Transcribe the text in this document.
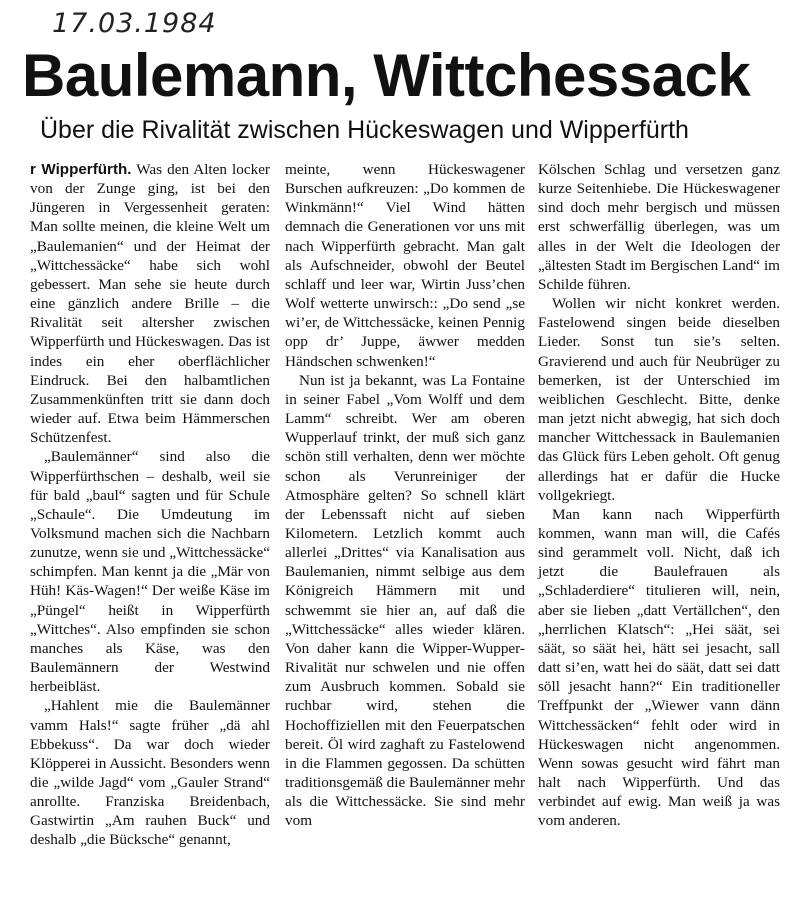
17.03.1984
Baulemann, Wittchessack
Über die Rivalität zwischen Hückeswagen und Wipperfürth

r Wipperfürth. Was den Alten locker von der Zunge ging, ist bei den Jüngeren in Vergessenheit geraten: Man sollte meinen, die kleine Welt um „Baulemanien“ und der Heimat der „Wittchessäcke“ habe sich wohl gebessert. Man sehe sie heute durch eine gänzlich andere Brille – die Rivalität seit altersher zwischen Wipperfürth und Hückeswagen. Das ist indes ein eher oberflächlicher Eindruck. Bei den halbamtlichen Zusammenkünften tritt sie dann doch wieder auf. Etwa beim Hämmerschen Schützenfest.

„Baulemänner“ sind also die Wipperfürthschen – deshalb, weil sie für bald „baul“ sagten und für Schule „Schaule“. Die Umdeutung im Volksmund machen sich die Nachbarn zunutze, wenn sie und „Wittchessäcke“ schimpfen. Man kennt ja die „Mär von Hüh! Käs-Wagen!“ Der weiße Käse im „Püngel“ heißt in Wipperfürth „Wittches“. Also empfinden sie schon manches als Käse, was den Baulemännern der Westwind herbeibläst.

„Hahlent mie die Baulemänner vamm Hals!“ sagte früher „dä ahl Ebbekuss“. Da war doch wieder Klöpperei in Aussicht. Besonders wenn die „wilde Jagd“ vom „Gauler Strand“ anrollte. Franziska Breidenbach, Gastwirtin „Am rauhen Buck“ und deshalb „die Bücksche“ genannt,

meinte, wenn Hückeswagener Burschen aufkreuzen: „Do kommen de Winkmänn!“ Viel Wind hätten demnach die Generationen vor uns mit nach Wipperfürth gebracht. Man galt als Aufschneider, obwohl der Beutel schlaff und leer war, Wirtin Juss’chen Wolf wetterte unwirsch:: „Do send „se wi’er, de Wittchessäcke, keinen Pennig opp dr’ Juppe, äwwer medden Händschen schwenken!“

Nun ist ja bekannt, was La Fontaine in seiner Fabel „Vom Wolff und dem Lamm“ schreibt. Wer am oberen Wupperlauf trinkt, der muß sich ganz schön still verhalten, denn wer möchte schon als Verunreiniger der Atmosphäre gelten? So schnell klärt der Lebenssaft nicht auf sieben Kilometern. Letzlich kommt auch allerlei „Drittes“ via Kanalisation aus Baulemanien, nimmt selbige aus dem Königreich Hämmern mit und schwemmt sie hier an, auf daß die „Wittchessäcke“ alles wieder klären. Von daher kann die Wipper-Wupper-Rivalität nur schwelen und nie offen zum Ausbruch kommen. Sobald sie ruchbar wird, stehen die Hochoffiziellen mit den Feuerpatschen bereit. Öl wird zaghaft zu Fastelowend in die Flammen gegossen. Da schütten traditionsgemäß die Baulemänner mehr als die Wittchessäcke. Sie sind mehr vom

Kölschen Schlag und versetzen ganz kurze Seitenhiebe. Die Hückeswagener sind doch mehr bergisch und müssen erst schwerfällig überlegen, was um alles in der Welt die Ideologen der „ältesten Stadt im Bergischen Land“ im Schilde führen.

Wollen wir nicht konkret werden. Fastelowend singen beide dieselben Lieder. Sonst tun sie’s selten. Gravierend und auch für Neubrüger zu bemerken, ist der Unterschied im weiblichen Geschlecht. Bitte, denke man jetzt nicht abwegig, hat sich doch mancher Wittchessack in Baulemanien das Glück fürs Leben geholt. Oft genug allerdings hat er dafür die Hucke vollgekriegt.

Man kann nach Wipperfürth kommen, wann man will, die Cafés sind gerammelt voll. Nicht, daß ich jetzt die Baulefrauen als „Schladerdiere“ titulieren will, nein, aber sie lieben „datt Vertällchen“, den „herrlichen Klatsch“: „Hei säät, sei säät, so säät hei, hätt sei jesacht, sall datt si’en, watt hei do säät, datt sei datt söll jesacht hann?“ Ein traditioneller Treffpunkt der „Wiewer vann dänn Wittchessäcken“ fehlt oder wird in Hückeswagen nicht angenommen. Wenn sowas gesucht wird fährt man halt nach Wipperfürth. Und das verbindet auf ewig. Man weiß ja was vom anderen.
